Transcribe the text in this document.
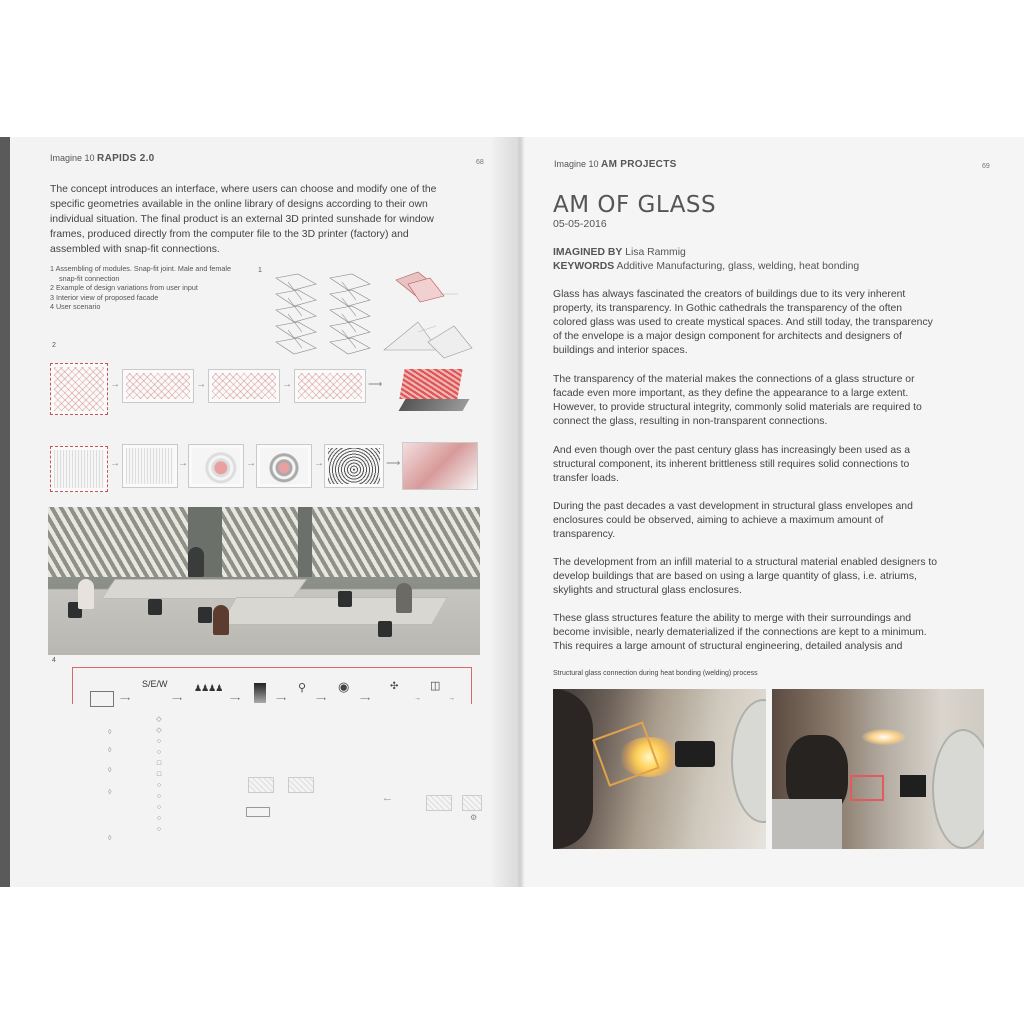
Imagine 10 RAPIDS 2.0	68
The concept introduces an interface, where users can choose and modify one of the specific geometries available in the online library of designs according to their own individual situation. The final product is an external 3D printed sunshade for window frames, produced directly from the computer file to the 3D printer (factory) and assembled with snap-fit connections.
1 Assembling of modules. Snap-fit joint. Male and female snap-fit connection
2 Example of design variations from user input
3 Interior view of proposed facade
4 User scenario
1
2
→	→	→	⟶
→	→	→	→	⟶
4
⟶
S/E/W
⟶
♟♟♟♟
⟶	⟶
⚲
⟶
◉
⟶
✣	◫
→	→
◊
◊
◊
◊
◊
◇
◇
○
○
□
□
○
○
○
○
○
⟵
⚙
Imagine 10 AM PROJECTS	69
AM OF GLASS
05-05-2016
IMAGINED BY Lisa Rammig
KEYWORDS Additive Manufacturing, glass, welding, heat bonding

Glass has always fascinated the creators of buildings due to its very inherent property, its transparency. In Gothic cathedrals the transparency of the often colored glass was used to create mystical spaces. And still today, the transparency of the envelope is a major design component for architects and designers of buildings and interior spaces.

The transparency of the material makes the connections of a glass structure or facade even more important, as they define the appearance to a large extent. However, to provide structural integrity, commonly solid materials are required to connect the glass, resulting in non-transparent connections.

And even though over the past century glass has increasingly been used as a structural component, its inherent brittleness still requires solid connections to transfer loads.

During the past decades a vast development in structural glass envelopes and enclosures could be observed, aiming to achieve a maximum amount of transparency.

The development from an infill material to a structural material enabled designers to develop buildings that are based on using a large quantity of glass, i.e. atriums, skylights and structural glass enclosures.

These glass structures feature the ability to merge with their surroundings and become invisible, nearly dematerialized if the connections are kept to a minimum. This requires a large amount of structural engineering, detailed analysis and

Structural glass connection during heat bonding (welding) process
